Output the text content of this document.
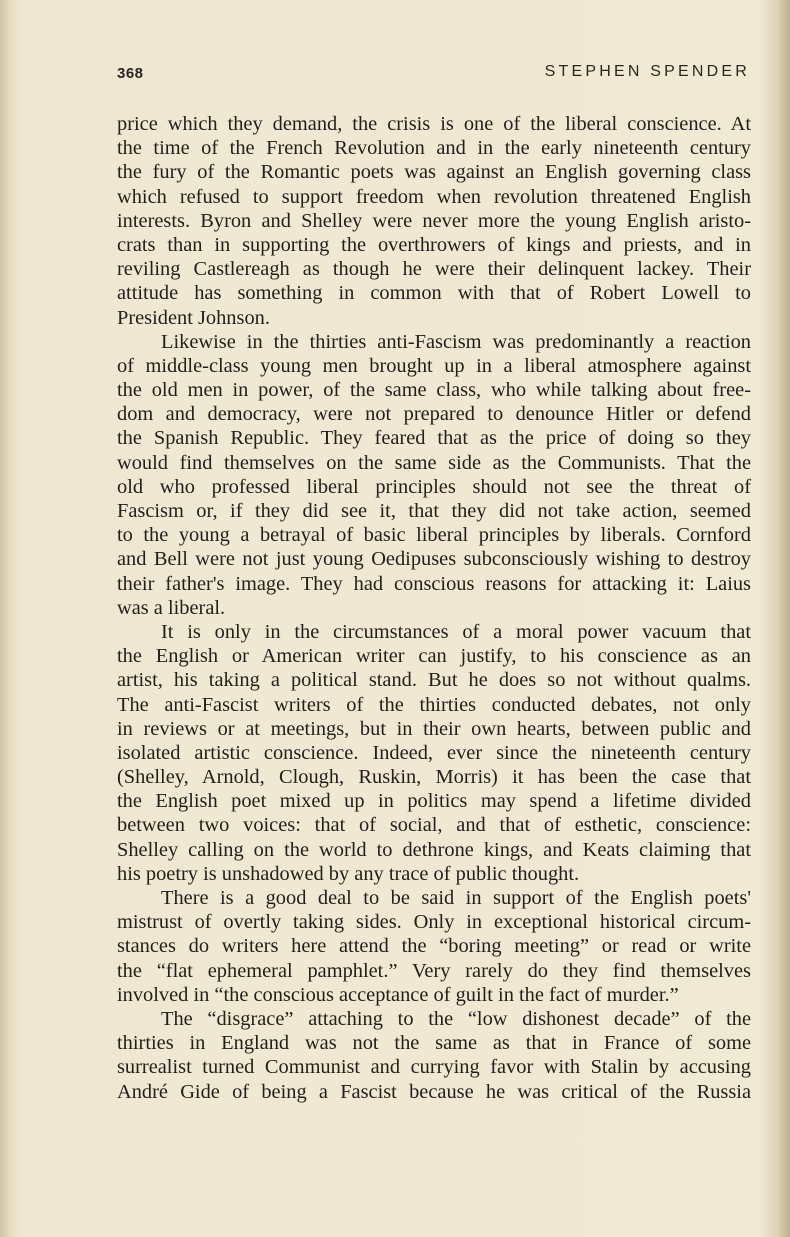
368	STEPHEN SPENDER
price which they demand, the crisis is one of the liberal conscience. At
the time of the French Revolution and in the early nineteenth century
the fury of the Romantic poets was against an English governing class
which refused to support freedom when revolution threatened English
interests. Byron and Shelley were never more the young English aristo-
crats than in supporting the overthrowers of kings and priests, and in
reviling Castlereagh as though he were their delinquent lackey. Their
attitude has something in common with that of Robert Lowell to
President Johnson.
Likewise in the thirties anti-Fascism was predominantly a reaction
of middle-class young men brought up in a liberal atmosphere against
the old men in power, of the same class, who while talking about free-
dom and democracy, were not prepared to denounce Hitler or defend
the Spanish Republic. They feared that as the price of doing so they
would find themselves on the same side as the Communists. That the
old who professed liberal principles should not see the threat of
Fascism or, if they did see it, that they did not take action, seemed
to the young a betrayal of basic liberal principles by liberals. Cornford
and Bell were not just young Oedipuses subconsciously wishing to destroy
their father's image. They had conscious reasons for attacking it: Laius
was a liberal.
It is only in the circumstances of a moral power vacuum that
the English or American writer can justify, to his conscience as an
artist, his taking a political stand. But he does so not without qualms.
The anti-Fascist writers of the thirties conducted debates, not only
in reviews or at meetings, but in their own hearts, between public and
isolated artistic conscience. Indeed, ever since the nineteenth century
(Shelley, Arnold, Clough, Ruskin, Morris) it has been the case that
the English poet mixed up in politics may spend a lifetime divided
between two voices: that of social, and that of esthetic, conscience:
Shelley calling on the world to dethrone kings, and Keats claiming that
his poetry is unshadowed by any trace of public thought.
There is a good deal to be said in support of the English poets'
mistrust of overtly taking sides. Only in exceptional historical circum-
stances do writers here attend the “boring meeting” or read or write
the “flat ephemeral pamphlet.” Very rarely do they find themselves
involved in “the conscious acceptance of guilt in the fact of murder.”
The “disgrace” attaching to the “low dishonest decade” of the
thirties in England was not the same as that in France of some
surrealist turned Communist and currying favor with Stalin by accusing
André Gide of being a Fascist because he was critical of the Russia
